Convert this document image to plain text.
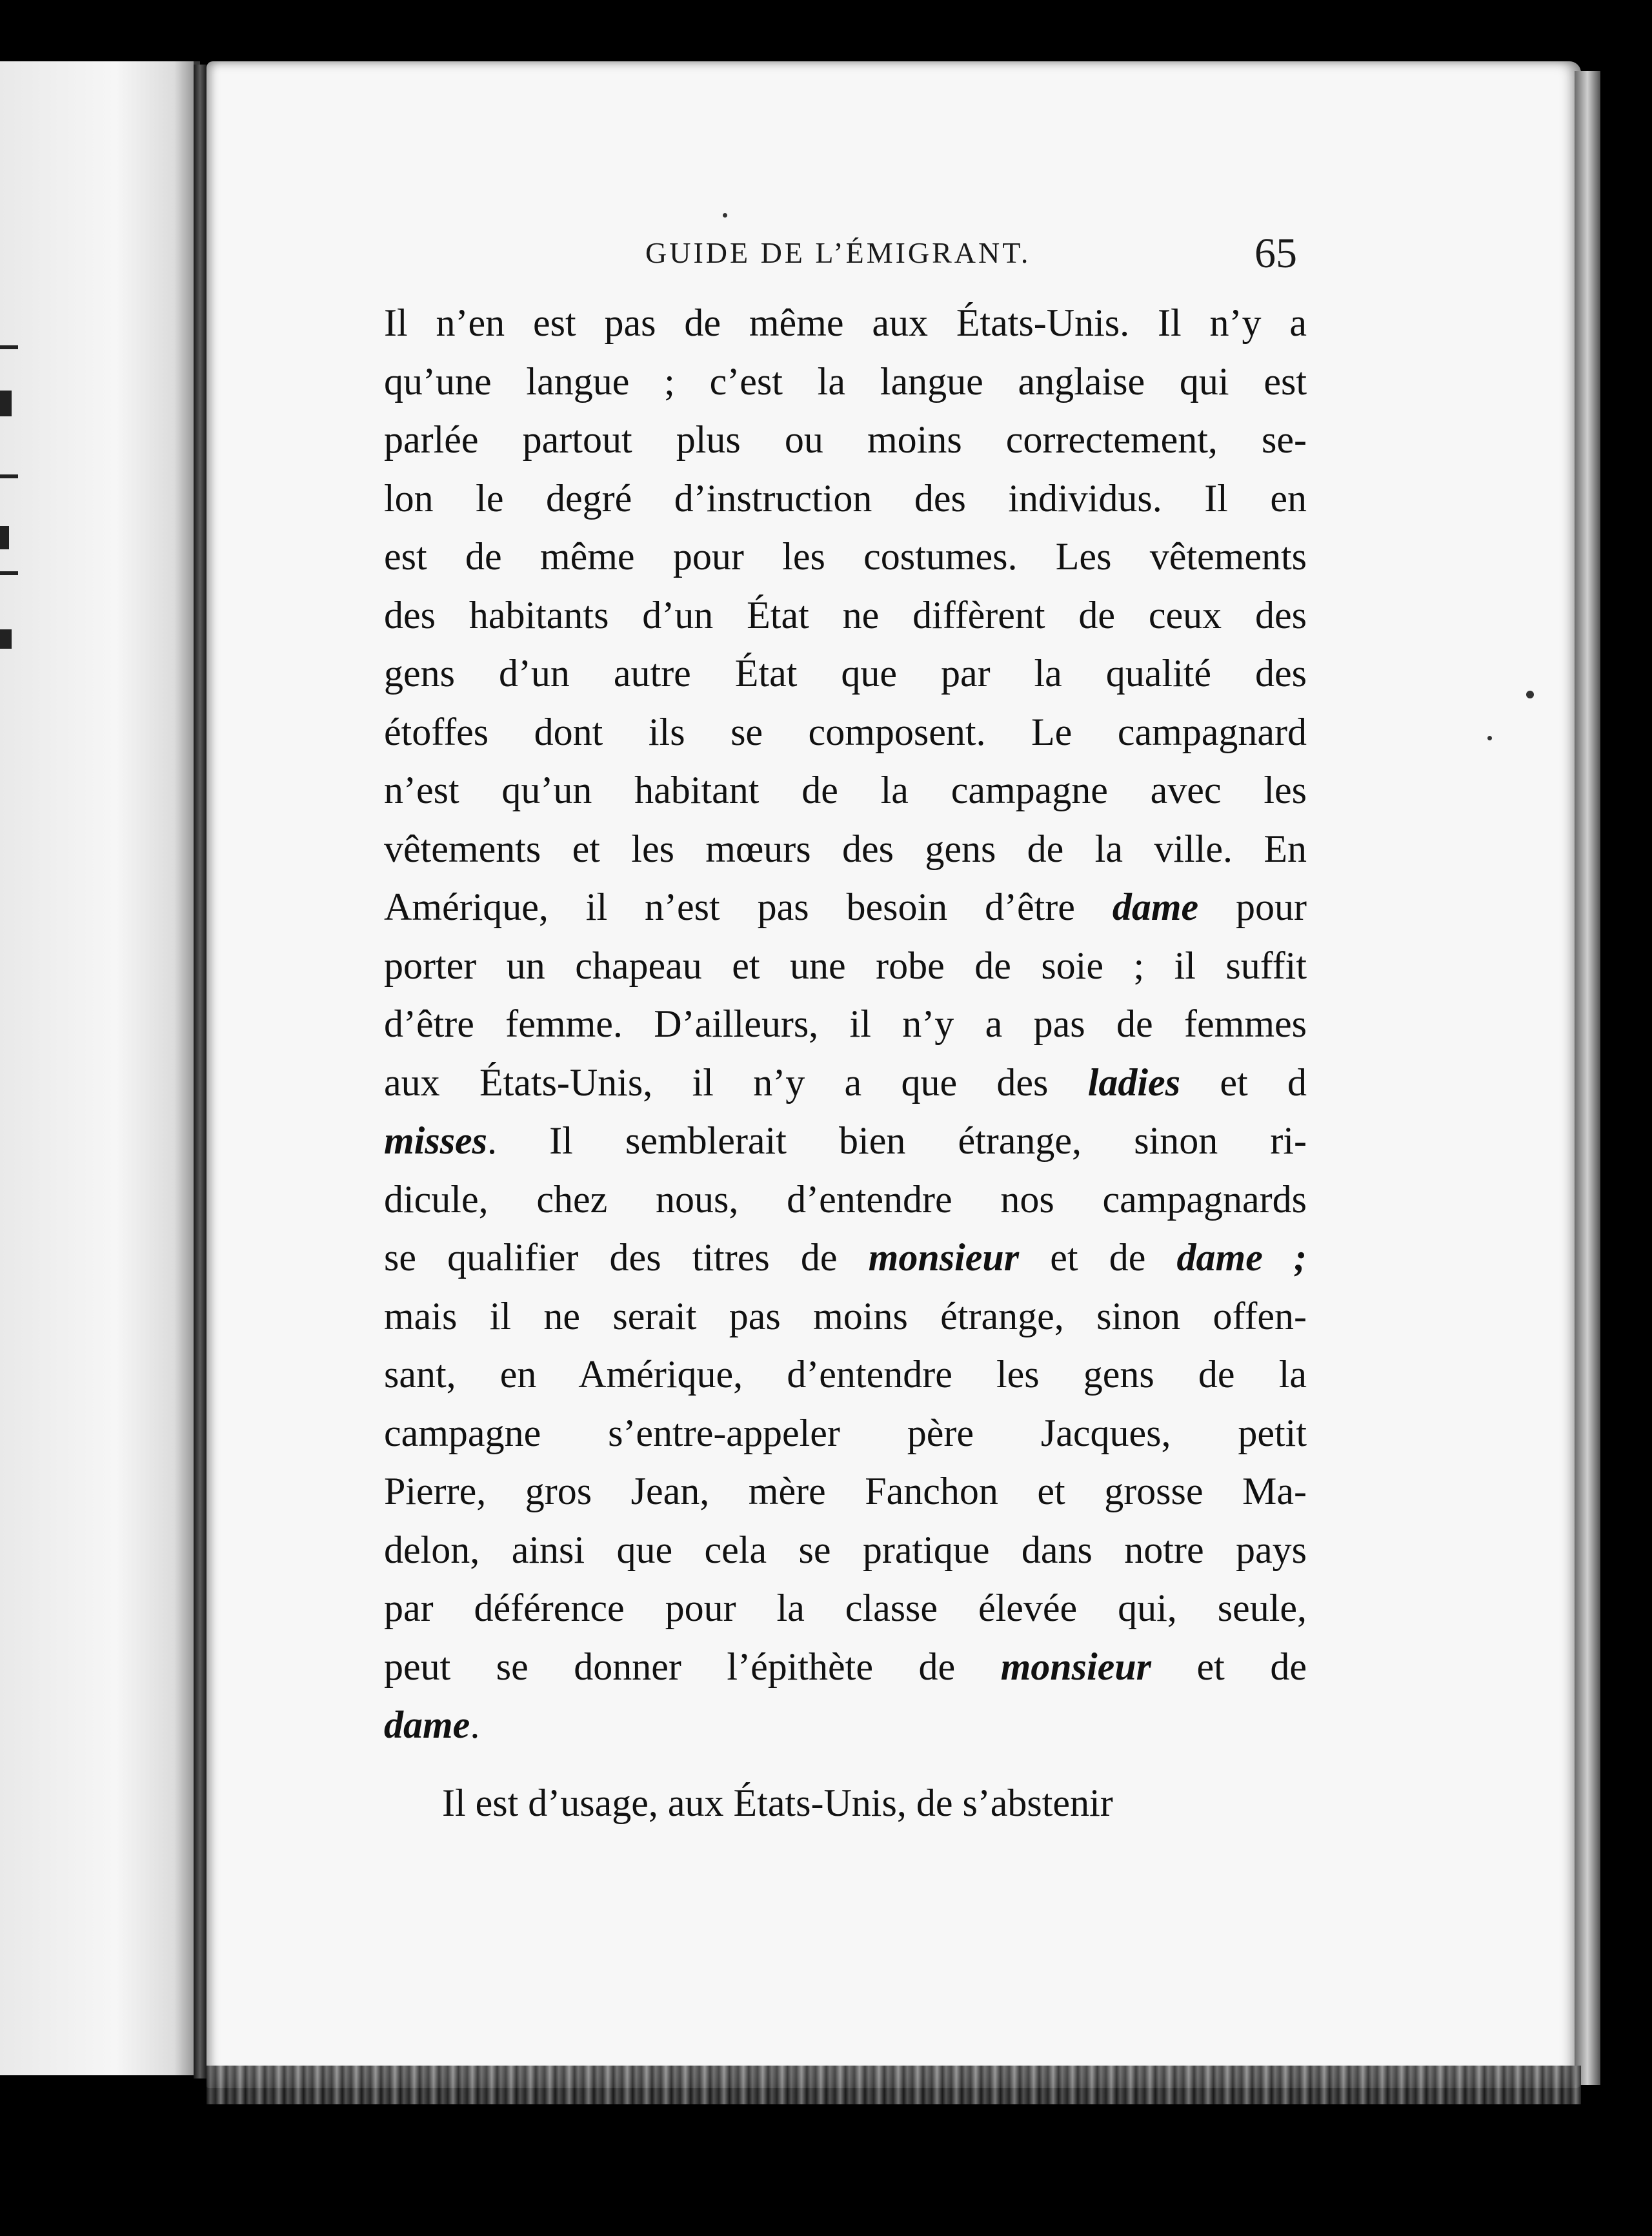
GUIDE DE L’ÉMIGRANT.	65
Il n’en est pas de même aux États-Unis. Il n’y a
qu’une langue ; c’est la langue anglaise qui est
parlée partout plus ou moins correctement, se-
lon le degré d’instruction des individus. Il en
est de même pour les costumes. Les vêtements
des habitants d’un État ne diffèrent de ceux des
gens d’un autre État que par la qualité des
étoffes dont ils se composent. Le campagnard
n’est qu’un habitant de la campagne avec les
vêtements et les mœurs des gens de la ville. En
Amérique, il n’est pas besoin d’être dame pour
porter un chapeau et une robe de soie ; il suffit
d’être femme. D’ailleurs, il n’y a pas de femmes
aux États-Unis, il n’y a que des ladies et d
misses. Il semblerait bien étrange, sinon ri-
dicule, chez nous, d’entendre nos campagnards
se qualifier des titres de monsieur et de dame ;
mais il ne serait pas moins étrange, sinon offen-
sant, en Amérique, d’entendre les gens de la
campagne s’entre-appeler père Jacques, petit
Pierre, gros Jean, mère Fanchon et grosse Ma-
delon, ainsi que cela se pratique dans notre pays
par déférence pour la classe élevée qui, seule,
peut se donner l’épithète de monsieur et de
dame.
Il est d’usage, aux États-Unis, de s’abstenir
